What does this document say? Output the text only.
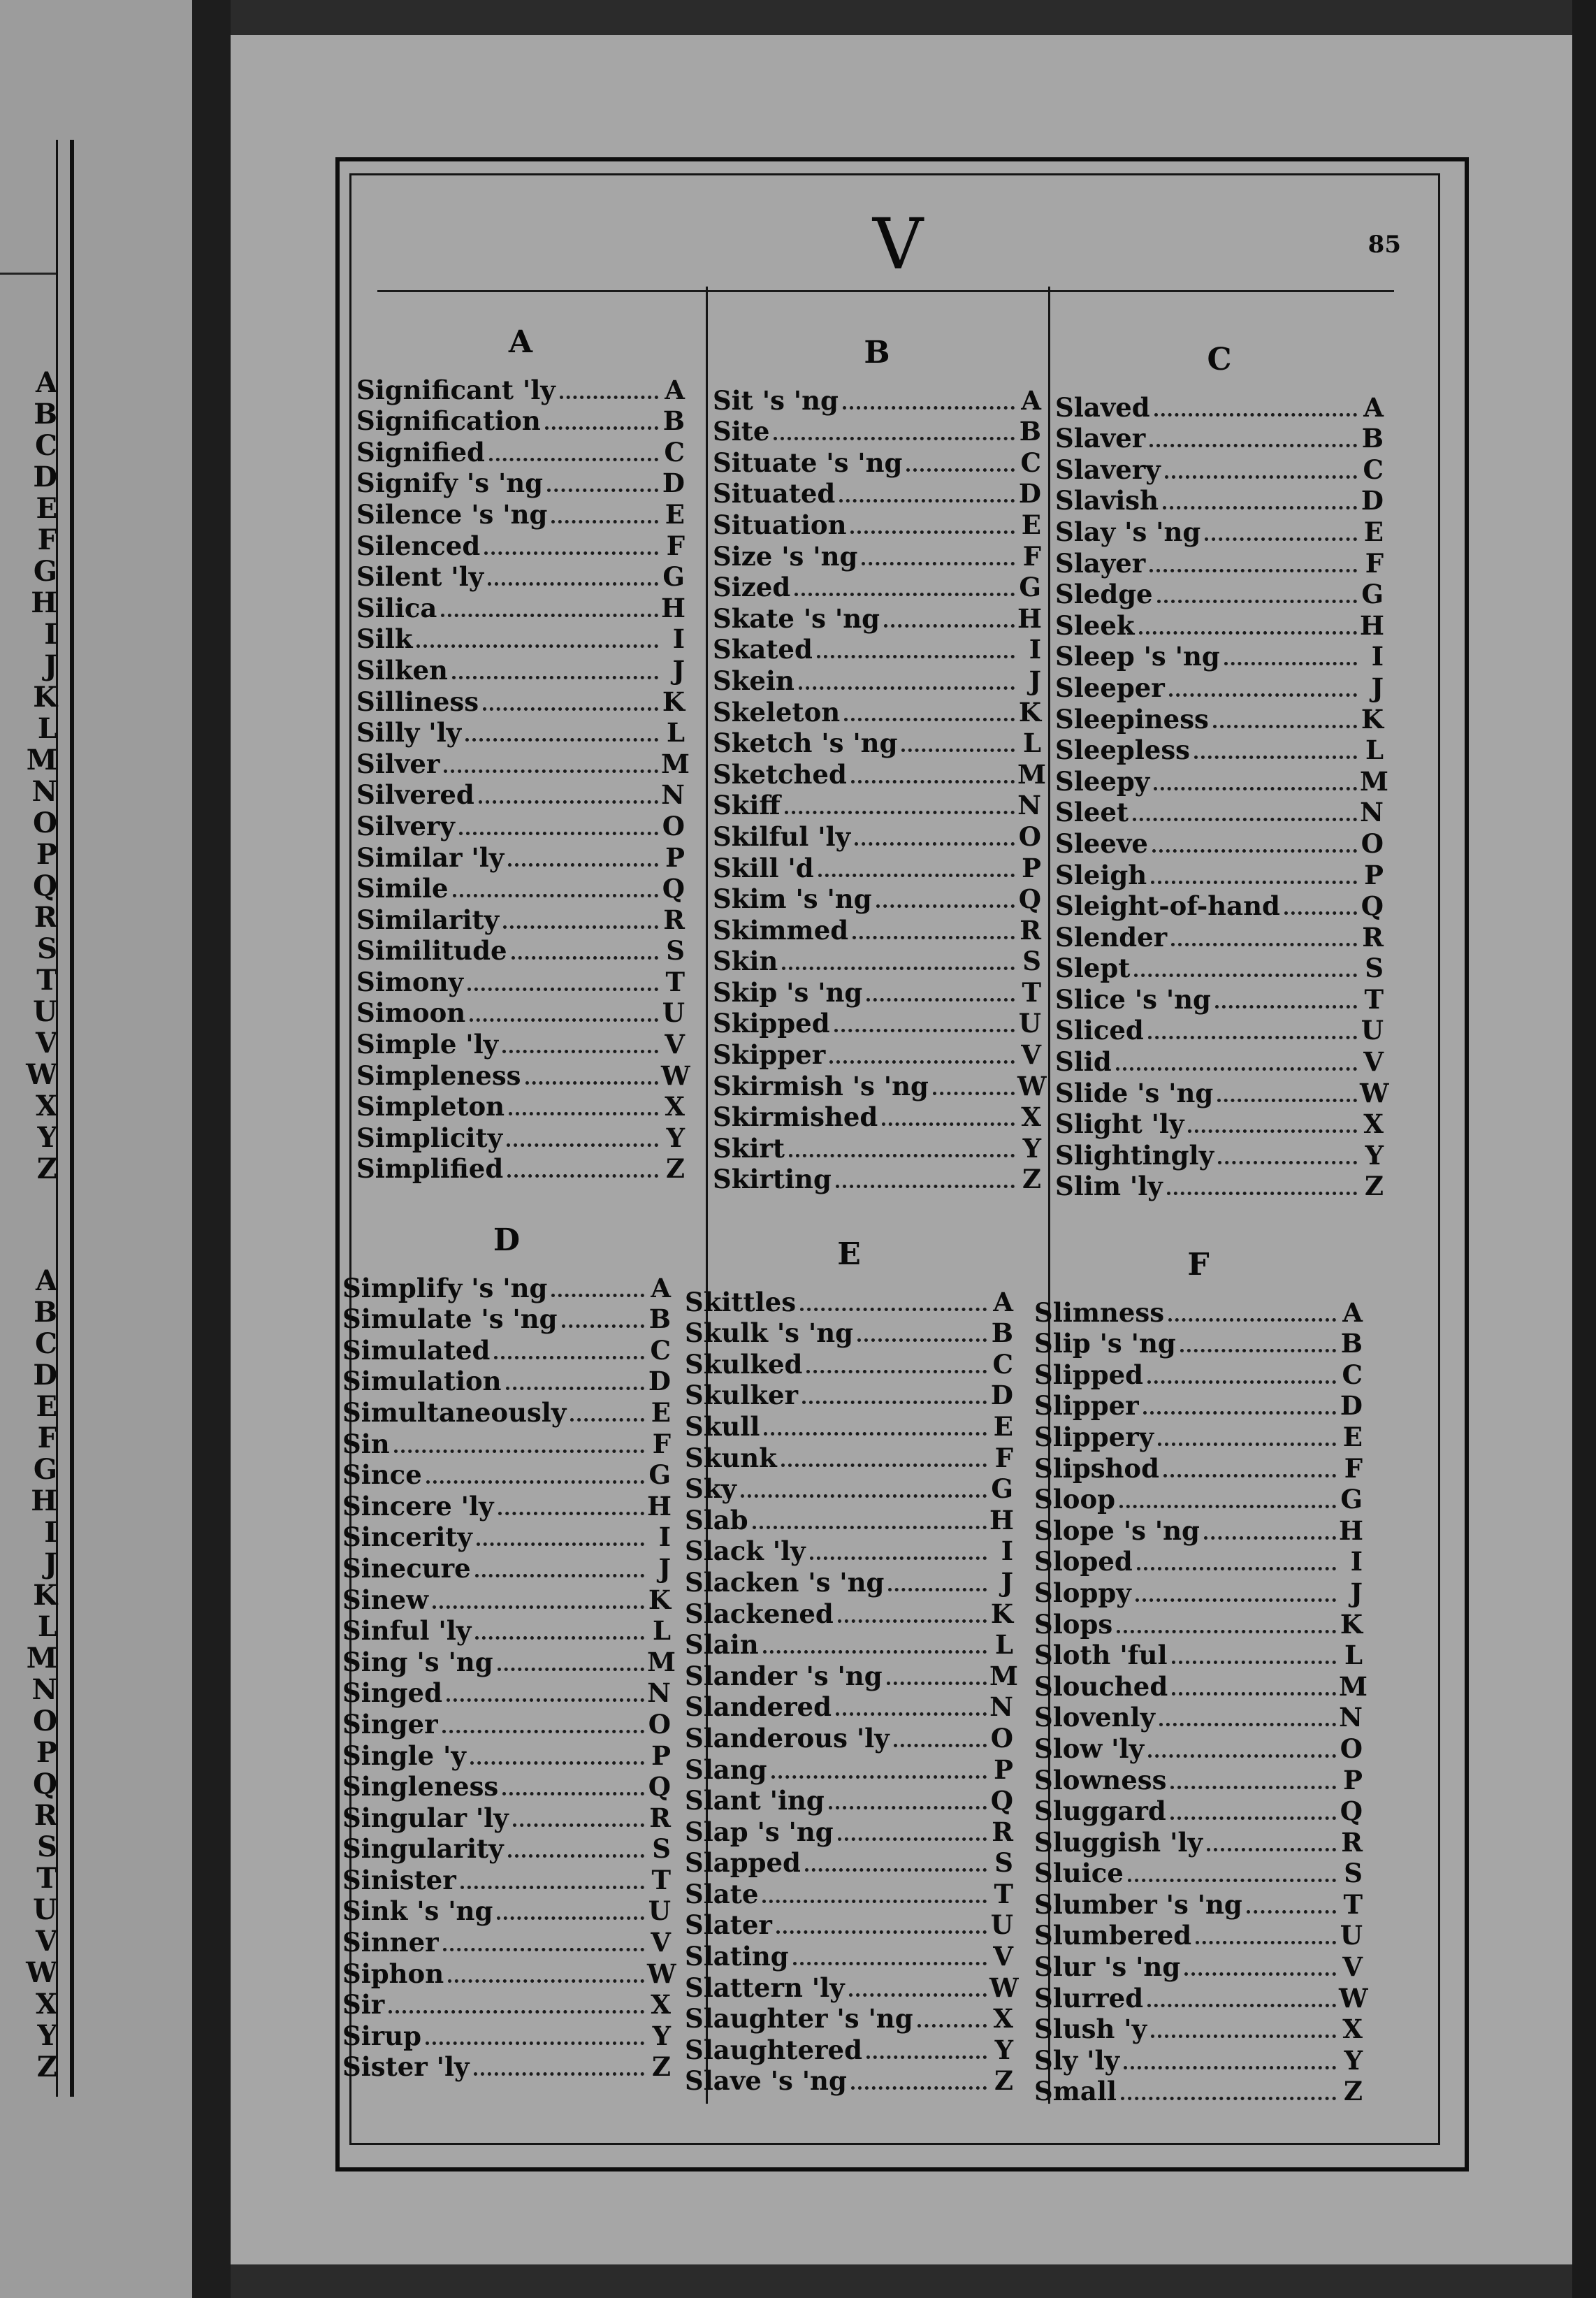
A
B
C
D
E
F
G
H
I
J
K
L
M
N
O
P
Q
R
S
T
U
V
W
X
Y
Z
A
B
C
D
E
F
G
H
I
J
K
L
M
N
O
P
Q
R
S
T
U
V
W
X
Y
Z
V	85
A
Significant 'ly	A
Signification	B
Signified	C
Signify 's 'ng	D
Silence 's 'ng	E
Silenced	F
Silent 'ly	G
Silica	H
Silk	I
Silken	J
Silliness	K
Silly 'ly	L
Silver	M
Silvered	N
Silvery	O
Similar 'ly	P
Simile	Q
Similarity	R
Similitude	S
Simony	T
Simoon	U
Simple 'ly	V
Simpleness	W
Simpleton	X
Simplicity	Y
Simplified	Z
B
Sit 's 'ng	A
Site	B
Situate 's 'ng	C
Situated	D
Situation	E
Size 's 'ng	F
Sized	G
Skate 's 'ng	H
Skated	I
Skein	J
Skeleton	K
Sketch 's 'ng	L
Sketched	M
Skiff	N
Skilful 'ly	O
Skill 'd	P
Skim 's 'ng	Q
Skimmed	R
Skin	S
Skip 's 'ng	T
Skipped	U
Skipper	V
Skirmish 's 'ng	W
Skirmished	X
Skirt	Y
Skirting	Z
C
Slaved	A
Slaver	B
Slavery	C
Slavish	D
Slay 's 'ng	E
Slayer	F
Sledge	G
Sleek	H
Sleep 's 'ng	I
Sleeper	J
Sleepiness	K
Sleepless	L
Sleepy	M
Sleet	N
Sleeve	O
Sleigh	P
Sleight-of-hand	Q
Slender	R
Slept	S
Slice 's 'ng	T
Sliced	U
Slid	V
Slide 's 'ng	W
Slight 'ly	X
Slightingly	Y
Slim 'ly	Z
D
Simplify 's 'ng	A
Simulate 's 'ng	B
Simulated	C
Simulation	D
Simultaneously	E
Sin	F
Since	G
Sincere 'ly	H
Sincerity	I
Sinecure	J
Sinew	K
Sinful 'ly	L
Sing 's 'ng	M
Singed	N
Singer	O
Single 'y	P
Singleness	Q
Singular 'ly	R
Singularity	S
Sinister	T
Sink 's 'ng	U
Sinner	V
Siphon	W
Sir	X
Sirup	Y
Sister 'ly	Z
E
Skittles	A
Skulk 's 'ng	B
Skulked	C
Skulker	D
Skull	E
Skunk	F
Sky	G
Slab	H
Slack 'ly	I
Slacken 's 'ng	J
Slackened	K
Slain	L
Slander 's 'ng	M
Slandered	N
Slanderous 'ly	O
Slang	P
Slant 'ing	Q
Slap 's 'ng	R
Slapped	S
Slate	T
Slater	U
Slating	V
Slattern 'ly	W
Slaughter 's 'ng	X
Slaughtered	Y
Slave 's 'ng	Z
F
Slimness	A
Slip 's 'ng	B
Slipped	C
Slipper	D
Slippery	E
Slipshod	F
Sloop	G
Slope 's 'ng	H
Sloped	I
Sloppy	J
Slops	K
Sloth 'ful	L
Slouched	M
Slovenly	N
Slow 'ly	O
Slowness	P
Sluggard	Q
Sluggish 'ly	R
Sluice	S
Slumber 's 'ng	T
Slumbered	U
Slur 's 'ng	V
Slurred	W
Slush 'y	X
Sly 'ly	Y
Small	Z
